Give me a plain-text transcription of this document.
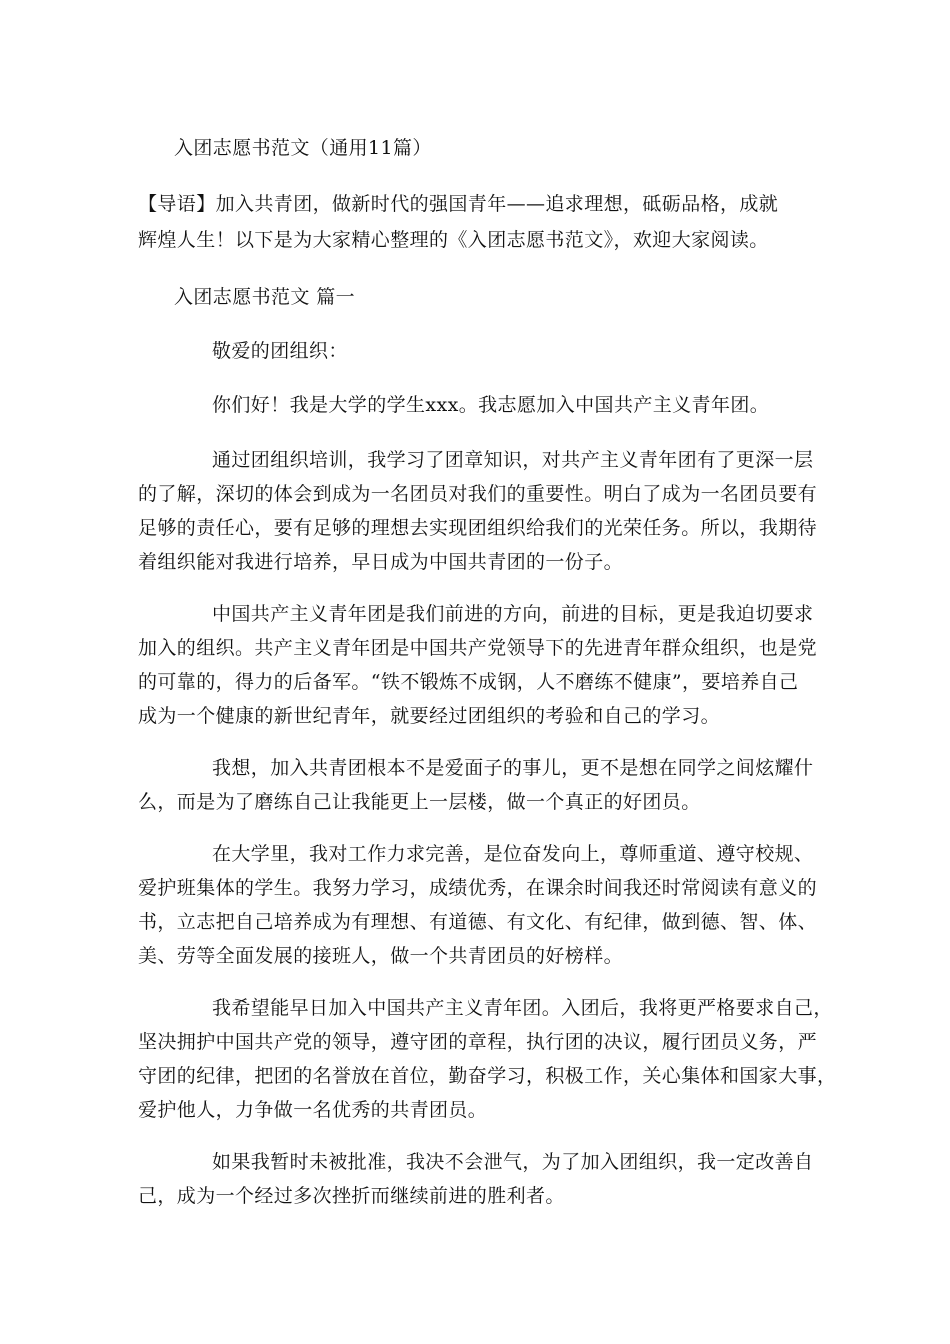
入团志愿书范文（通用11篇）
【导语】加入共青团，做新时代的强国青年——追求理想，砥砺品格，成就
辉煌人生！以下是为大家精心整理的《入团志愿书范文》，欢迎大家阅读。
入团志愿书范文 篇一
敬爱的团组织：
你们好！我是大学的学生xxx。我志愿加入中国共产主义青年团。
通过团组织培训，我学习了团章知识，对共产主义青年团有了更深一层
的了解，深切的体会到成为一名团员对我们的重要性。明白了成为一名团员要有
足够的责任心，要有足够的理想去实现团组织给我们的光荣任务。所以，我期待
着组织能对我进行培养，早日成为中国共青团的一份子。
中国共产主义青年团是我们前进的方向，前进的目标，更是我迫切要求
加入的组织。共产主义青年团是中国共产党领导下的先进青年群众组织，也是党
的可靠的，得力的后备军。“铁不锻炼不成钢，人不磨练不健康”，要培养自己
成为一个健康的新世纪青年，就要经过团组织的考验和自己的学习。
我想，加入共青团根本不是爱面子的事儿，更不是想在同学之间炫耀什
么，而是为了磨练自己让我能更上一层楼，做一个真正的好团员。
在大学里，我对工作力求完善，是位奋发向上，尊师重道、遵守校规、
爱护班集体的学生。我努力学习，成绩优秀，在课余时间我还时常阅读有意义的
书，立志把自己培养成为有理想、有道德、有文化、有纪律，做到德、智、体、
美、劳等全面发展的接班人，做一个共青团员的好榜样。
我希望能早日加入中国共产主义青年团。入团后，我将更严格要求自己，
坚决拥护中国共产党的领导，遵守团的章程，执行团的决议，履行团员义务，严
守团的纪律，把团的名誉放在首位，勤奋学习，积极工作，关心集体和国家大事，
爱护他人，力争做一名优秀的共青团员。
如果我暂时未被批准，我决不会泄气，为了加入团组织，我一定改善自
己，成为一个经过多次挫折而继续前进的胜利者。
